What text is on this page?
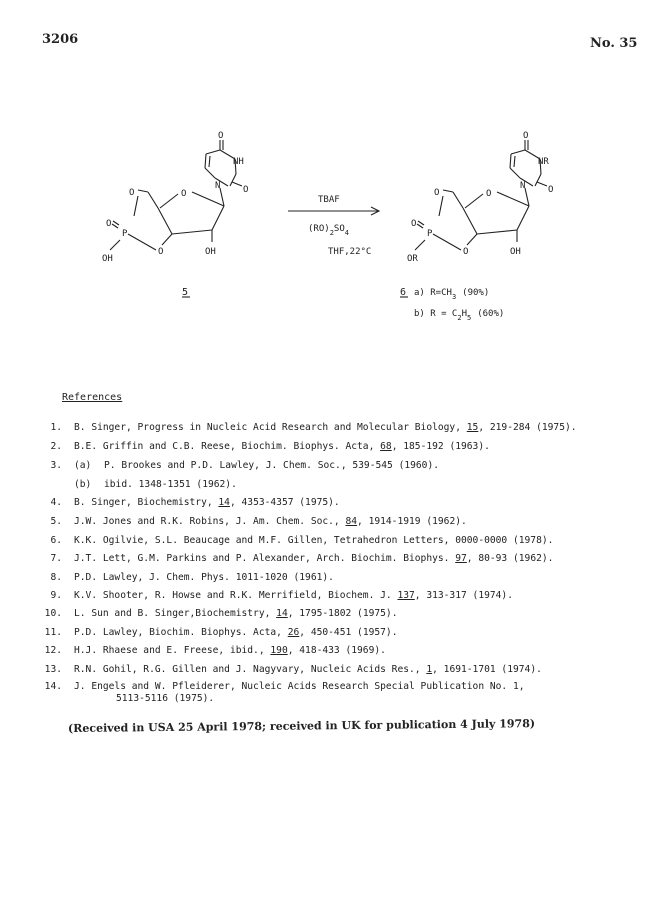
3206	No. 35
O
NH
N	O
O
O
P
O
O	OH
OH
TBAF
$(RO)_2SO_4$
THF,22°C
O
NR
N	O
O
O
P
O
O	OH
OR
5	6 a) $R=CH_3$ (90%)
b) $R = C_2H_5$ (60%)
References
1. B. Singer, Progress in Nucleic Acid Research and Molecular Biology, 15, 219-284 (1975).
2. B.E. Griffin and C.B. Reese, Biochim. Biophys. Acta, 68, 185-192 (1963).
3. (a) P. Brookes and P.D. Lawley, J. Chem. Soc., 539-545 (1960).
(b) ibid. 1348-1351 (1962).
4. B. Singer, Biochemistry, 14, 4353-4357 (1975).
5. J.W. Jones and R.K. Robins, J. Am. Chem. Soc., 84, 1914-1919 (1962).
6. K.K. Ogilvie, S.L. Beaucage and M.F. Gillen, Tetrahedron Letters, 0000-0000 (1978).
7. J.T. Lett, G.M. Parkins and P. Alexander, Arch. Biochim. Biophys. 97, 80-93 (1962).
8. P.D. Lawley, J. Chem. Phys. 1011-1020 (1961).
9. K.V. Shooter, R. Howse and R.K. Merrifield, Biochem. J. 137, 313-317 (1974).
10. L. Sun and B. Singer,Biochemistry, 14, 1795-1802 (1975).
11. P.D. Lawley, Biochim. Biophys. Acta, 26, 450-451 (1957).
12. H.J. Rhaese and E. Freese, ibid., 190, 418-433 (1969).
13. R.N. Gohil, R.G. Gillen and J. Nagyvary, Nucleic Acids Res., 1, 1691-1701 (1974).
14. J. Engels and W. Pfleiderer, Nucleic Acids Research Special Publication No. 1,
5113-5116 (1975).
(Received in USA 25 April 1978; received in UK for publication 4 July 1978)
